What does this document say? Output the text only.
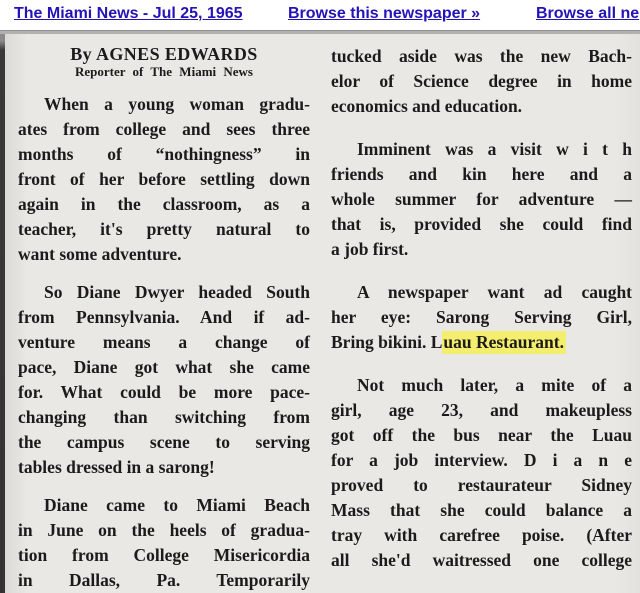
The Miami News - Jul 25, 1965	Browse this newspaper »	Browse all ne
By AGNES EDWARDS
Reporter of The Miami News
When a young woman gradu-
ates from college and sees three
months of “nothingness” in
front of her before settling down
again in the classroom, as a
teacher, it's pretty natural to
want some adventure.
So Diane Dwyer headed South
from Pennsylvania. And if ad-
venture means a change of
pace, Diane got what she came
for. What could be more pace-
changing than switching from
the campus scene to serving
tables dressed in a sarong!
Diane came to Miami Beach
in June on the heels of gradua-
tion from College Misericordia
in Dallas, Pa. Temporarily
tucked aside was the new Bach-
elor of Science degree in home
economics and education.
Imminent was a visit w i t h
friends and kin here and a
whole summer for adventure —
that is, provided she could find
a job first.
A newspaper want ad caught
her eye: Sarong Serving Girl,
Bring bikini. Luau Restaurant.
Not much later, a mite of a
girl, age 23, and makeupless
got off the bus near the Luau
for a job interview. D i a n e
proved to restaurateur Sidney
Mass that she could balance a
tray with carefree poise. (After
all she'd waitressed one college
